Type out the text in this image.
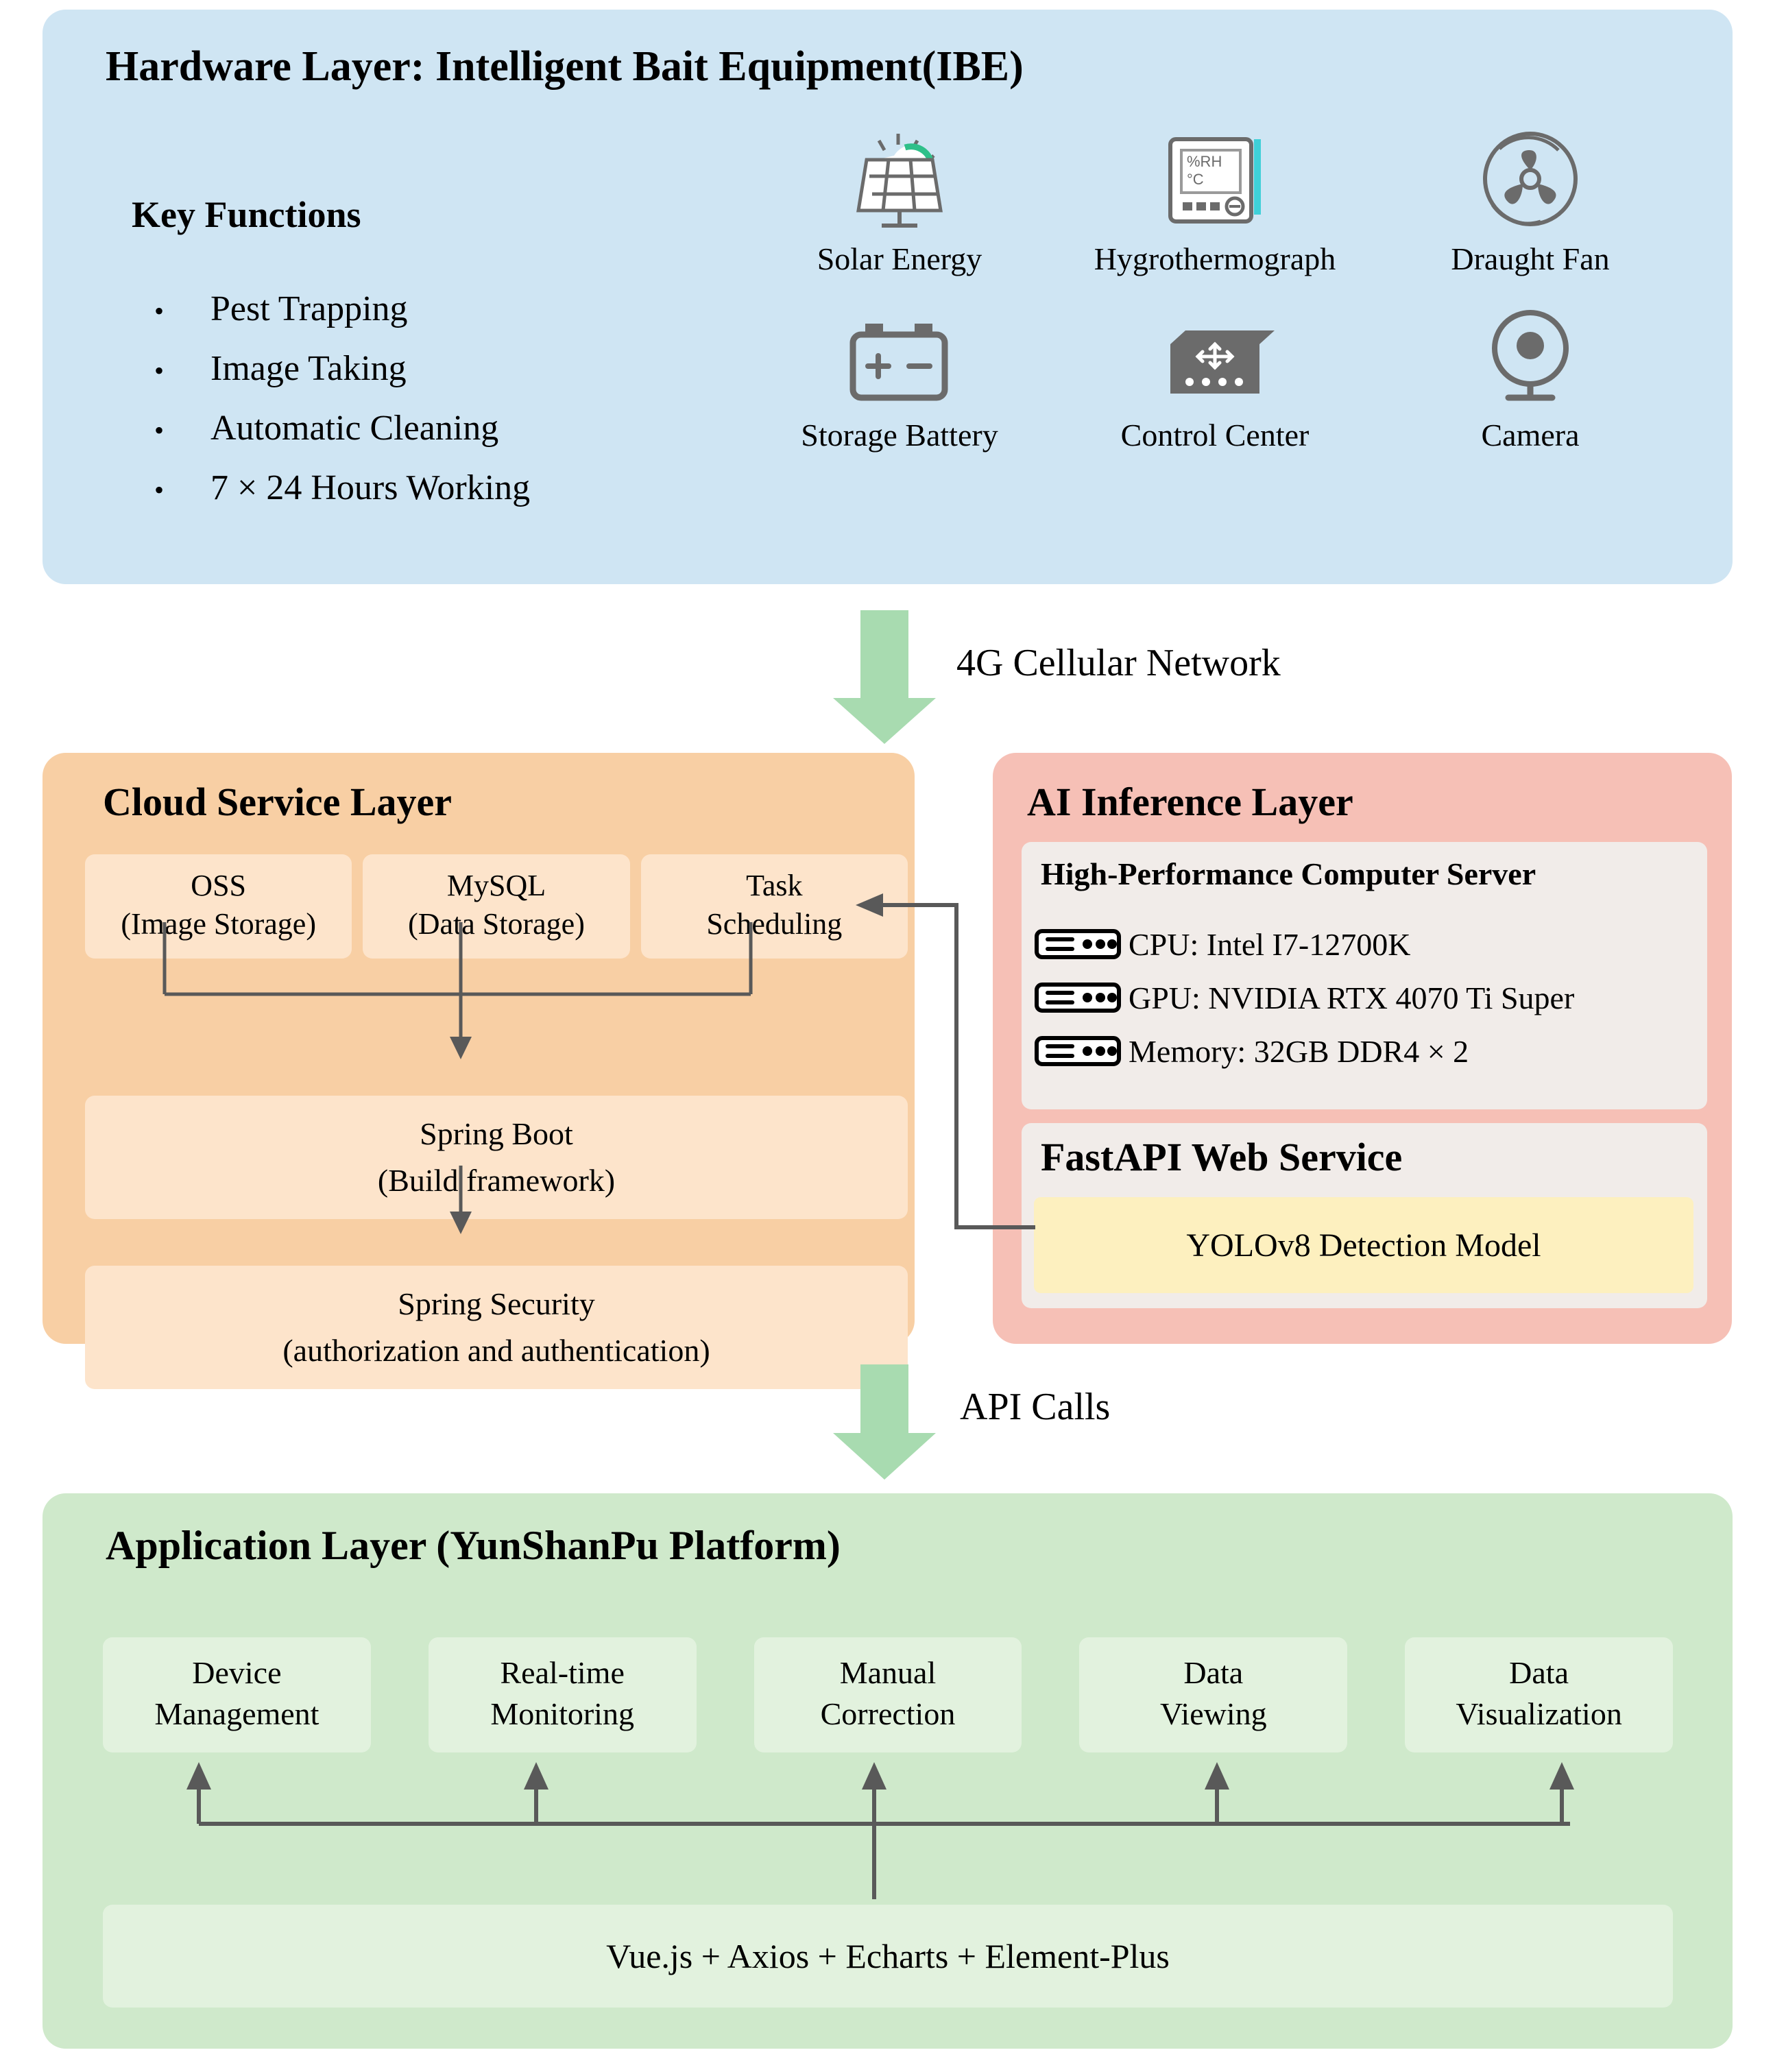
Hardware Layer: Intelligent Bait Equipment(IBE)
Key Functions
•	Pest Trapping
•	Image Taking
•	Automatic Cleaning
•	7 × 24 Hours Working
Solar Energy
%RH
°C
Hygrothermograph	Draught Fan
Storage Battery	Control Center	Camera
Cloud Service Layer
OSS
(Image Storage)
MySQL
(Data Storage)
Task
Scheduling
Spring Boot
(Build framework)
Spring Security
(authorization and authentication)
AI Inference Layer
High-Performance Computer Server
CPU: Intel I7-12700K
GPU: NVIDIA RTX 4070 Ti Super
Memory: 32GB DDR4 × 2
FastAPI Web Service
YOLOv8 Detection Model
Application Layer (YunShanPu Platform)
Device
Management
Real-time
Monitoring
Manual
Correction
Data
Viewing
Data
Visualization
Vue.js + Axios + Echarts + Element-Plus
4G Cellular Network
API Calls
